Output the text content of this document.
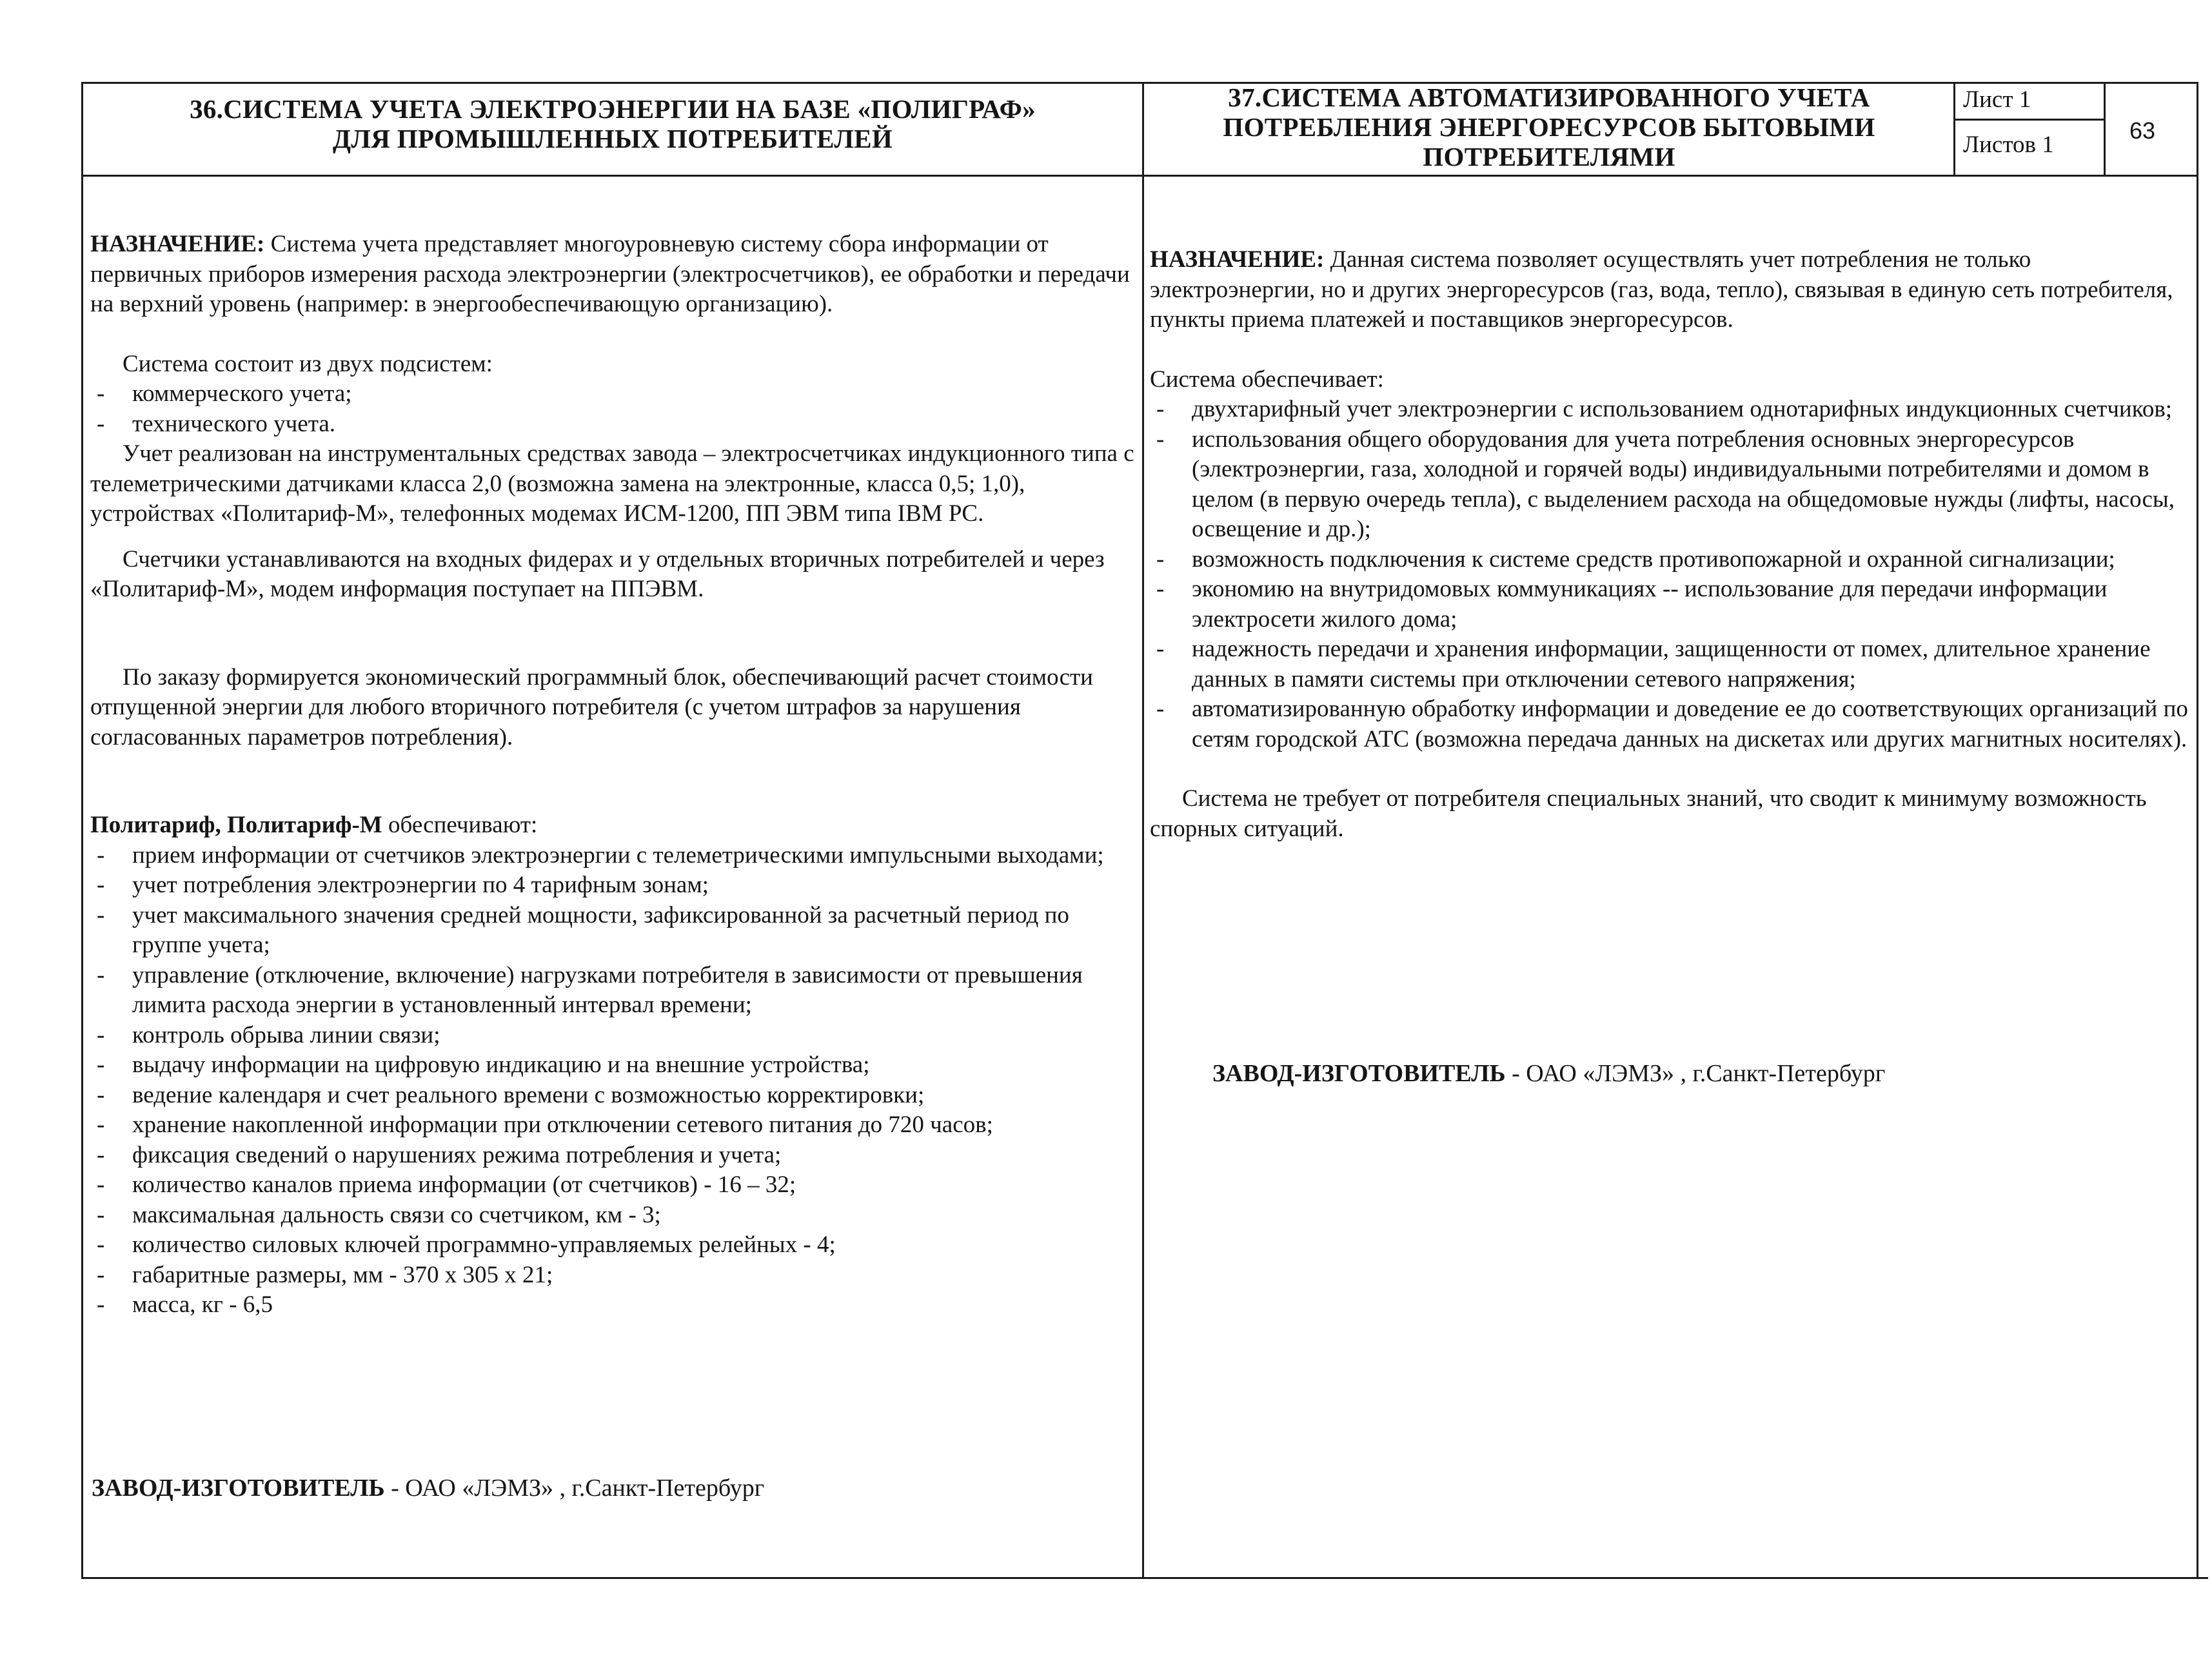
36.СИСТЕМА УЧЕТА ЭЛЕКТРОЭНЕРГИИ НА БАЗЕ «ПОЛИГРАФ»
ДЛЯ ПРОМЫШЛЕННЫХ ПОТРЕБИТЕЛЕЙ
37.СИСТЕМА АВТОМАТИЗИРОВАННОГО УЧЕТА
ПОТРЕБЛЕНИЯ ЭНЕРГОРЕСУРСОВ БЫТОВЫМИ
ПОТРЕБИТЕЛЯМИ
Лист 1
Листов 1
63

НАЗНАЧЕНИЕ: Система учета представляет многоуровневую систему сбора информации от первичных приборов измерения расхода электроэнергии (электросчетчиков), ее обработки и передачи на верхний уровень (например: в энергообеспечивающую организацию).

Система состоит из двух подсистем:

- коммерческого учета;
- технического учета.

Учет реализован на инструментальных средствах завода – электросчетчиках индукционного типа с телеметрическими датчиками класса 2,0 (возможна замена на электронные, класса 0,5; 1,0), устройствах «Политариф-М», телефонных модемах ИСМ-1200, ПП ЭВМ типа IBM PC.

Счетчики устанавливаются на входных фидерах и у отдельных вторичных потребителей и через «Политариф-М», модем информация поступает на ППЭВМ.

По заказу формируется экономический программный блок, обеспечивающий расчет стоимости отпущенной энергии для любого вторичного потребителя (с учетом штрафов за нарушения согласованных параметров потребления).

Политариф, Политариф-М обеспечивают:

- прием информации от счетчиков электроэнергии с телеметрическими импульсными выходами;
- учет потребления электроэнергии по 4 тарифным зонам;
- учет максимального значения средней мощности, зафиксированной за расчетный период по группе учета;
- управление (отключение, включение) нагрузками потребителя в зависимости от превышения лимита расхода энергии в установленный интервал времени;
- контроль обрыва линии связи;
- выдачу информации на цифровую индикацию и на внешние устройства;
- ведение календаря и счет реального времени с возможностью корректировки;
- хранение накопленной информации при отключении сетевого питания до 720 часов;
- фиксация сведений о нарушениях режима потребления и учета;
- количество каналов приема информации (от счетчиков) - 16 – 32;
- максимальная дальность связи со счетчиком, км - 3;
- количество силовых ключей программно-управляемых релейных - 4;
- габаритные размеры, мм - 370 х 305 х 21;
- масса, кг - 6,5

ЗАВОД-ИЗГОТОВИТЕЛЬ - ОАО «ЛЭМЗ» , г.Санкт-Петербург

НАЗНАЧЕНИЕ: Данная система позволяет осуществлять учет потребления не только электроэнергии, но и других энергоресурсов (газ, вода, тепло), связывая в единую сеть потребителя, пункты приема платежей и поставщиков энергоресурсов.

Система обеспечивает:

- двухтарифный учет электроэнергии с использованием однотарифных индукционных счетчиков;
- использования общего оборудования для учета потребления основных энергоресурсов (электроэнергии, газа, холодной и горячей воды) индивидуальными потребителями и домом в целом (в первую очередь тепла), с выделением расхода на общедомовые нужды (лифты, насосы, освещение и др.);
- возможность подключения к системе средств противопожарной и охранной сигнализации;
- экономию на внутридомовых коммуникациях -- использование для передачи информации электросети жилого дома;
- надежность передачи и хранения информации, защищенности от помех, длительное хранение данных в памяти системы при отключении сетевого напряжения;
- автоматизированную обработку информации и доведение ее до соответствующих организаций по сетям городской АТС (возможна передача данных на дискетах или других магнитных носителях).

Система не требует от потребителя специальных знаний, что сводит к минимуму возможность спорных ситуаций.

ЗАВОД-ИЗГОТОВИТЕЛЬ - ОАО «ЛЭМЗ» , г.Санкт-Петербург
